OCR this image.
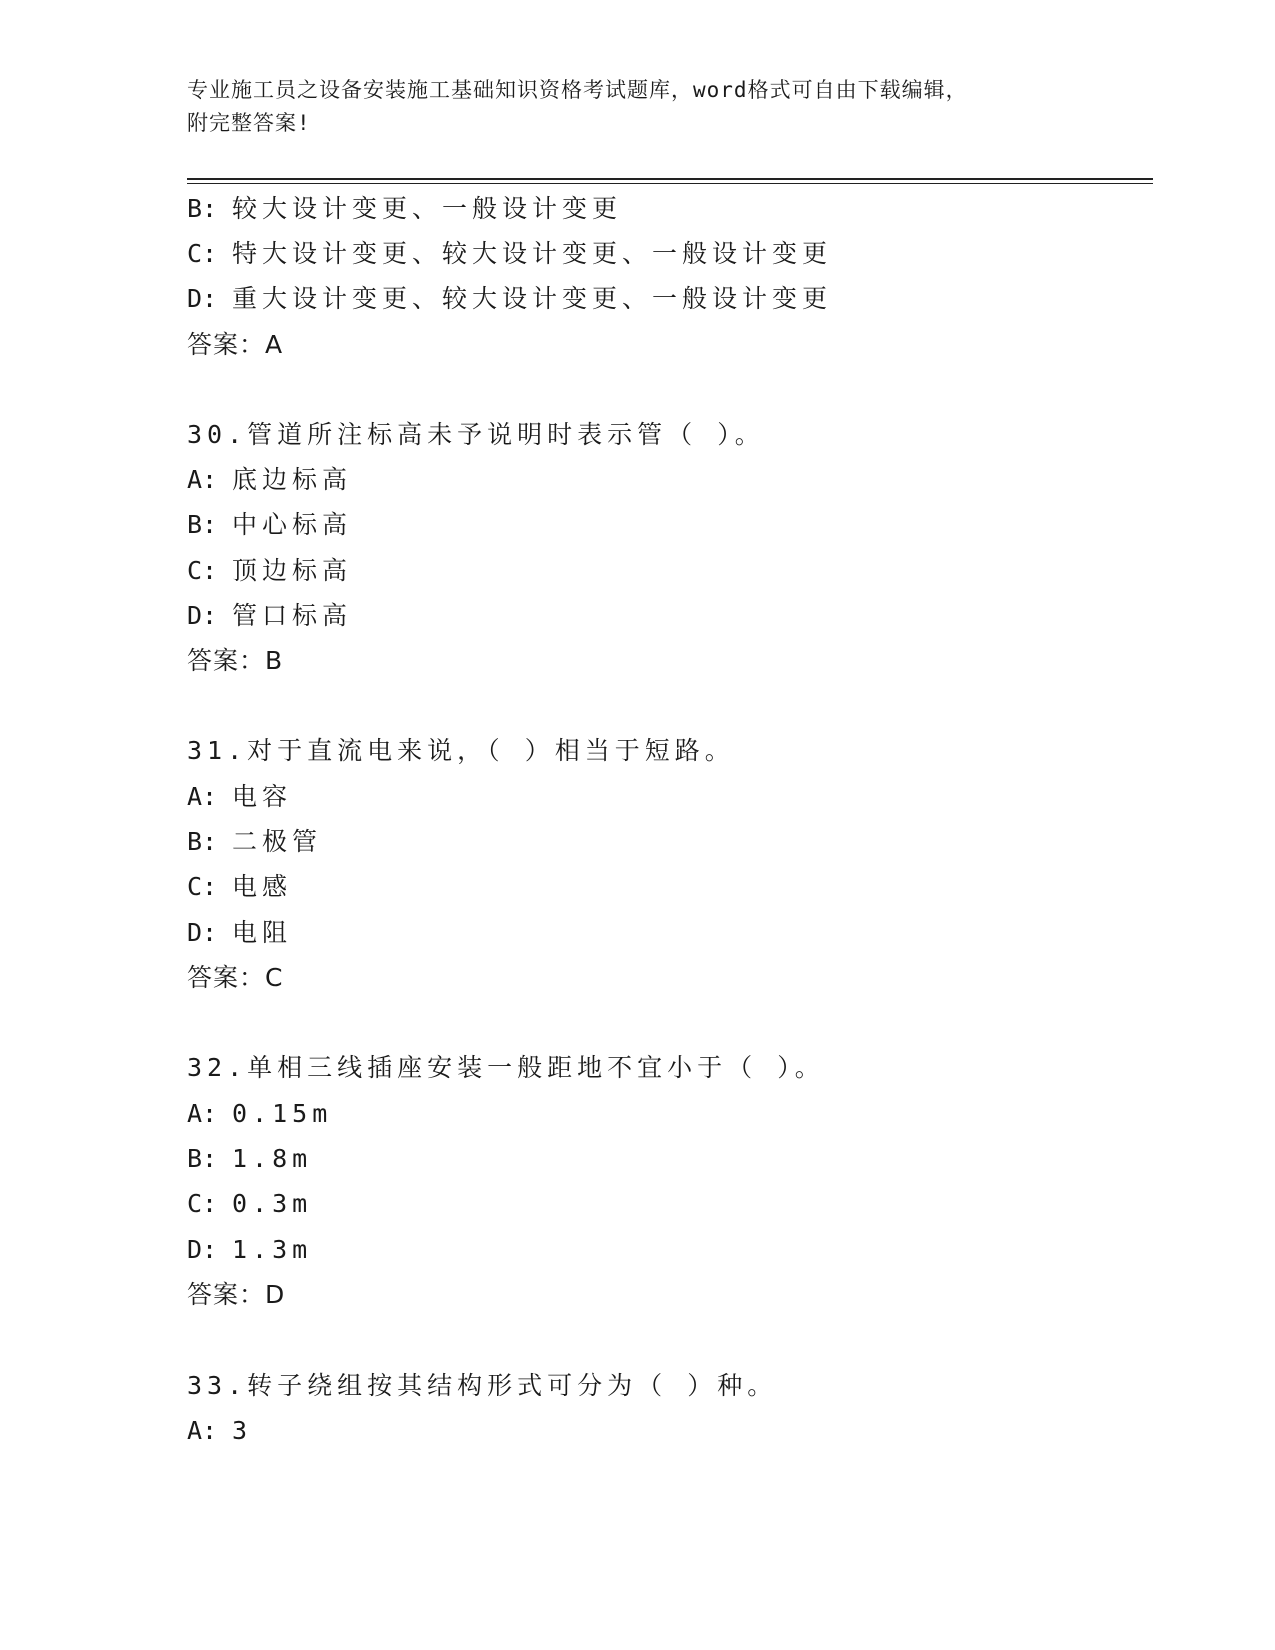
专业施工员之设备安装施工基础知识资格考试题库，word格式可自由下载编辑，
附完整答案!
B: 较大设计变更、一般设计变更
C: 特大设计变更、较大设计变更、一般设计变更
D: 重大设计变更、较大设计变更、一般设计变更
答案：A
30.管道所注标高未予说明时表示管（ ）。
A: 底边标高
B: 中心标高
C: 顶边标高
D: 管口标高
答案：B
31.对于直流电来说，（ ）相当于短路。
A: 电容
B: 二极管
C: 电感
D: 电阻
答案：C
32.单相三线插座安装一般距地不宜小于（ ）。
A: 0.15m
B: 1.8m
C: 0.3m
D: 1.3m
答案：D
33.转子绕组按其结构形式可分为（ ）种。
A: 3
